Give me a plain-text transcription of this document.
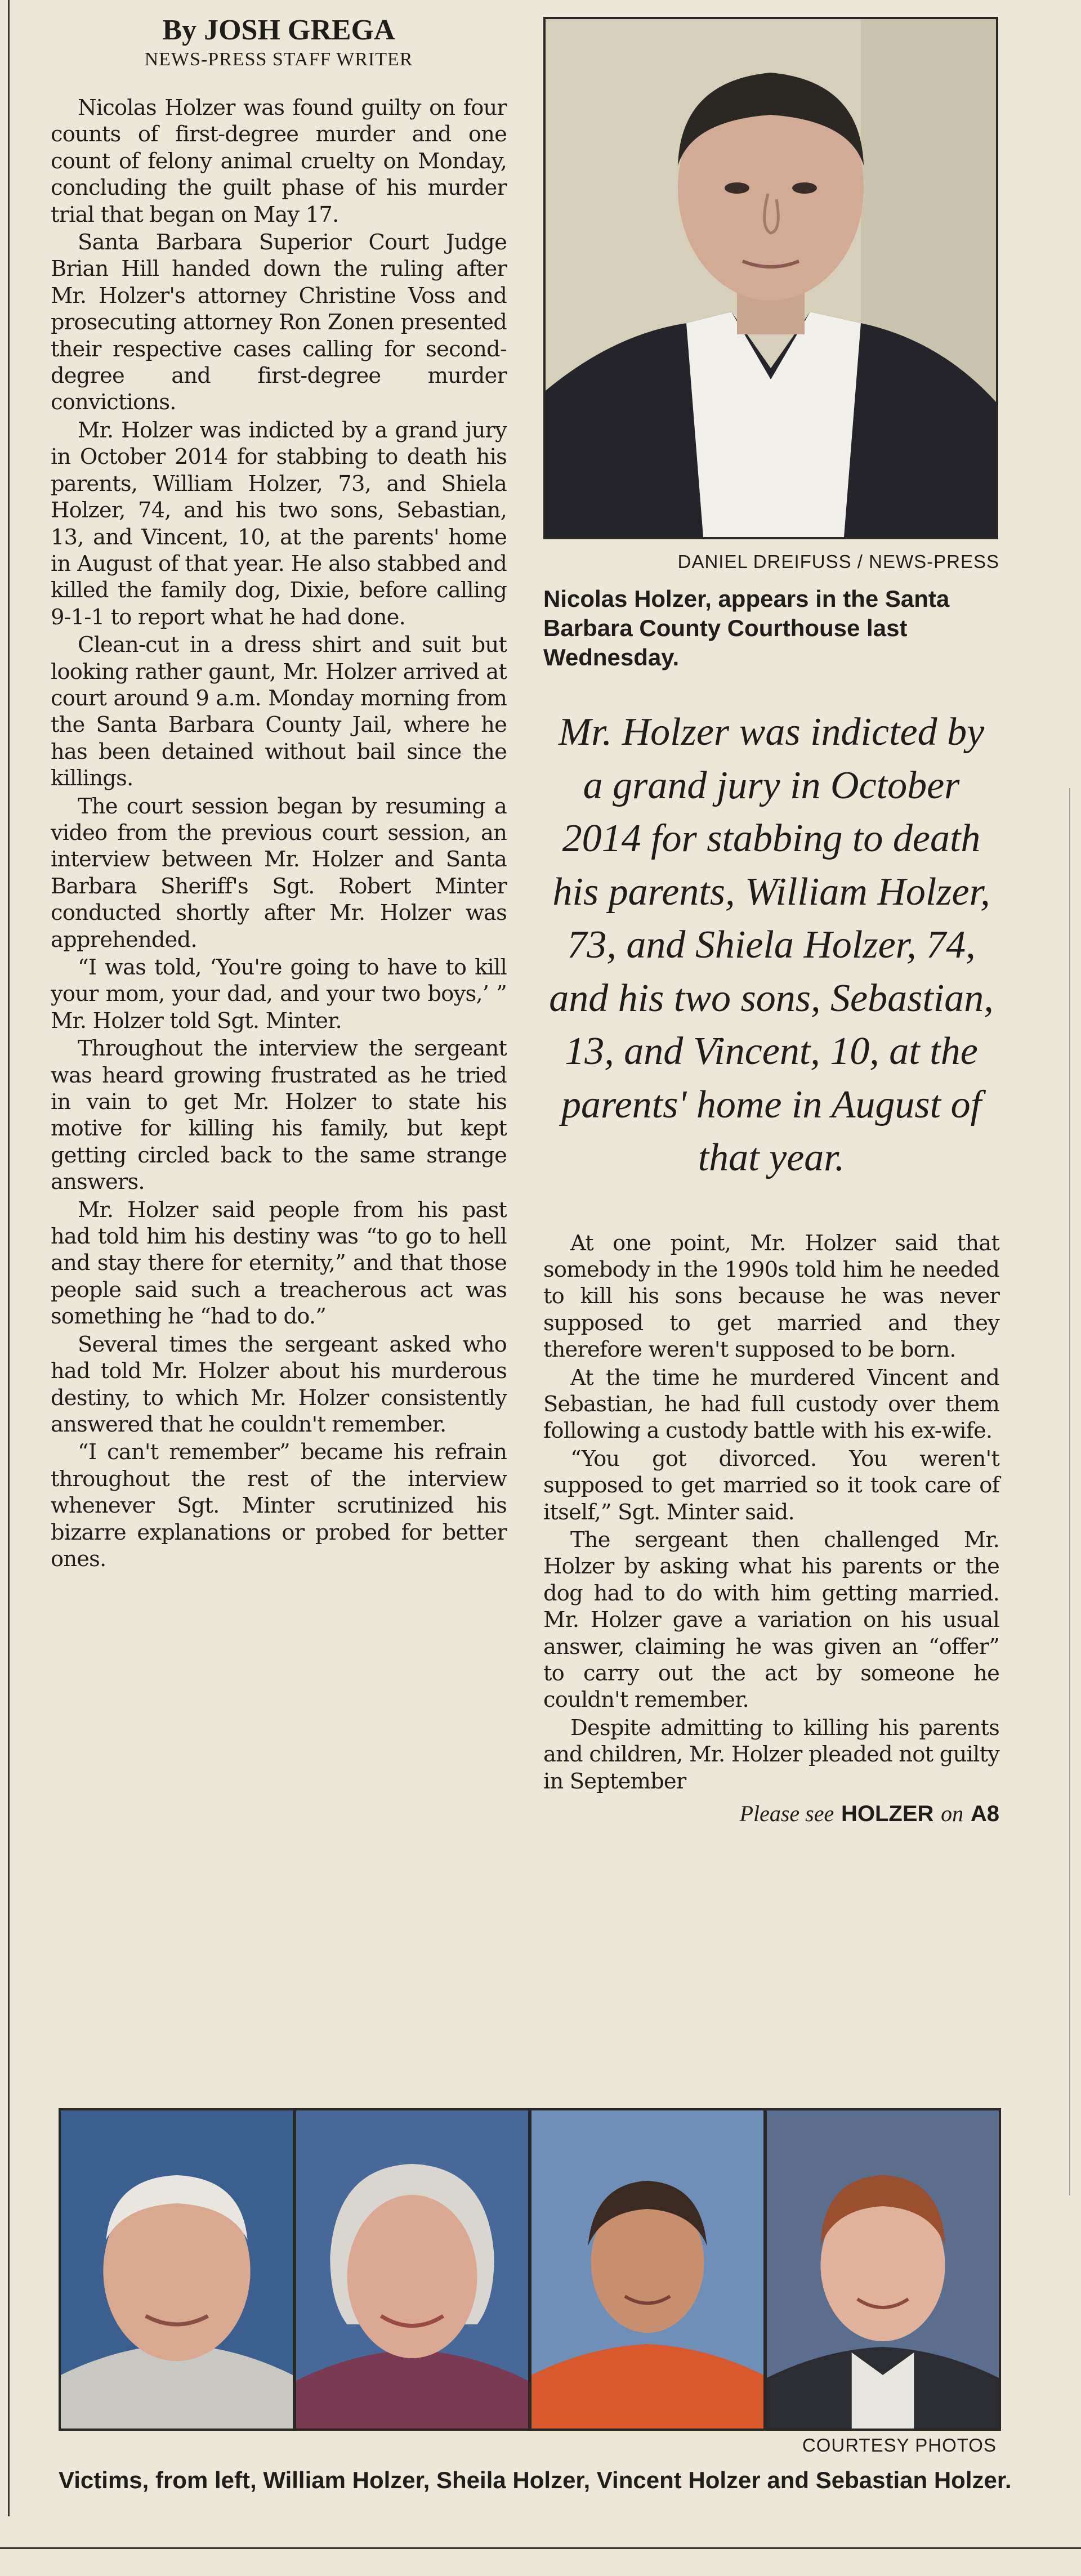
By JOSH GREGA
NEWS-PRESS STAFF WRITER

Nicolas Holzer was found guilty on four counts of first-degree murder and one count of felony animal cruelty on Monday, concluding the guilt phase of his murder trial that began on May 17.

Santa Barbara Superior Court Judge Brian Hill handed down the ruling after Mr. Holzer's attorney Christine Voss and prosecuting attorney Ron Zonen presented their respective cases calling for second-degree and first-degree murder convictions.

Mr. Holzer was indicted by a grand jury in October 2014 for stabbing to death his parents, William Holzer, 73, and Shiela Holzer, 74, and his two sons, Sebastian, 13, and Vincent, 10, at the parents' home in August of that year. He also stabbed and killed the family dog, Dixie, before calling 9-1-1 to report what he had done.

Clean-cut in a dress shirt and suit but looking rather gaunt, Mr. Holzer arrived at court around 9 a.m. Monday morning from the Santa Barbara County Jail, where he has been detained without bail since the killings.

The court session began by resuming a video from the previous court session, an interview between Mr. Holzer and Santa Barbara Sheriff's Sgt. Robert Minter conducted shortly after Mr. Holzer was apprehended.

“I was told, ‘You're going to have to kill your mom, your dad, and your two boys,’ ” Mr. Holzer told Sgt. Minter.

Throughout the interview the sergeant was heard growing frustrated as he tried in vain to get Mr. Holzer to state his motive for killing his family, but kept getting circled back to the same strange answers.

Mr. Holzer said people from his past had told him his destiny was “to go to hell and stay there for eternity,” and that those people said such a treacherous act was something he “had to do.”

Several times the sergeant asked who had told Mr. Holzer about his murderous destiny, to which Mr. Holzer consistently answered that he couldn't remember.

“I can't remember” became his refrain throughout the rest of the interview whenever Sgt. Minter scrutinized his bizarre explanations or probed for better ones.

DANIEL DREIFUSS / NEWS-PRESS
Nicolas Holzer, appears in the Santa Barbara County Courthouse last Wednesday.
Mr. Holzer was indicted by a grand jury in October 2014 for stabbing to death his parents, William Holzer, 73, and Shiela Holzer, 74, and his two sons, Sebastian, 13, and Vincent, 10, at the parents' home in August of that year.

At one point, Mr. Holzer said that somebody in the 1990s told him he needed to kill his sons because he was never supposed to get married and they therefore weren't supposed to be born.

At the time he murdered Vincent and Sebastian, he had full custody over them following a custody battle with his ex-wife.

“You got divorced. You weren't supposed to get married so it took care of itself,” Sgt. Minter said.

The sergeant then challenged Mr. Holzer by asking what his parents or the dog had to do with him getting married. Mr. Holzer gave a variation on his usual answer, claiming he was given an “offer” to carry out the act by someone he couldn't remember.

Despite admitting to killing his parents and children, Mr. Holzer pleaded not guilty in September

Please see HOLZER on A8
COURTESY PHOTOS
Victims, from left, William Holzer, Sheila Holzer, Vincent Holzer and Sebastian Holzer.
